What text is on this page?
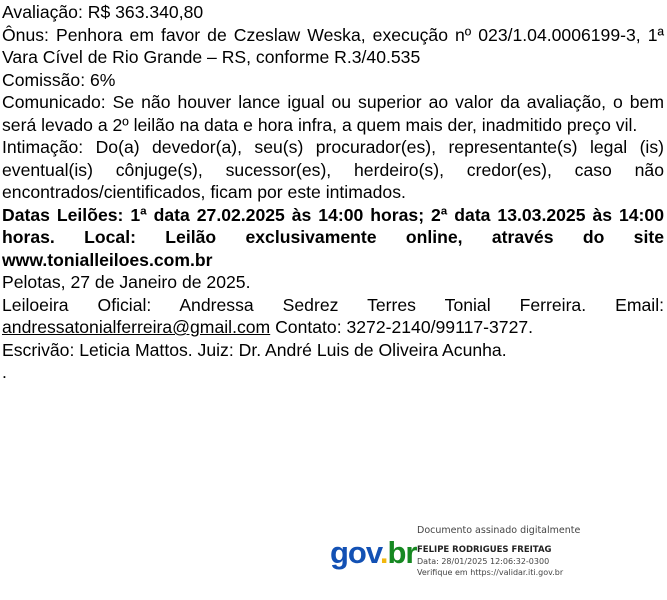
Avaliação: R$ 363.340,80

Ônus: Penhora em favor de Czeslaw Weska, execução nº 023/1.04.0006199-3, 1ª Vara Cível de Rio Grande – RS, conforme R.3/40.535

Comissão: 6%

Comunicado: Se não houver lance igual ou superior ao valor da avaliação, o bem será levado a 2º leilão na data e hora infra, a quem mais der, inadmitido preço vil.

Intimação: Do(a) devedor(a), seu(s) procurador(es), representante(s) legal (is) eventual(is) cônjuge(s), sucessor(es), herdeiro(s), credor(es), caso não encontrados/cientificados, ficam por este intimados.

Datas Leilões: 1ª data 27.02.2025 às 14:00 horas; 2ª data 13.03.2025 às 14:00 horas. Local: Leilão exclusivamente online, através do site www.tonialleiloes.com.br

Pelotas, 27 de Janeiro de 2025.

Leiloeira Oficial: Andressa Sedrez Terres Tonial Ferreira. Email: andressatonialferreira@gmail.com Contato: 3272-2140/99117-3727.

Escrivão: Leticia Mattos. Juiz: Dr. André Luis de Oliveira Acunha.

.

gov.br
Documento assinado digitalmente
FELIPE RODRIGUES FREITAG
Data: 28/01/2025 12:06:32-0300
Verifique em https://validar.iti.gov.br
